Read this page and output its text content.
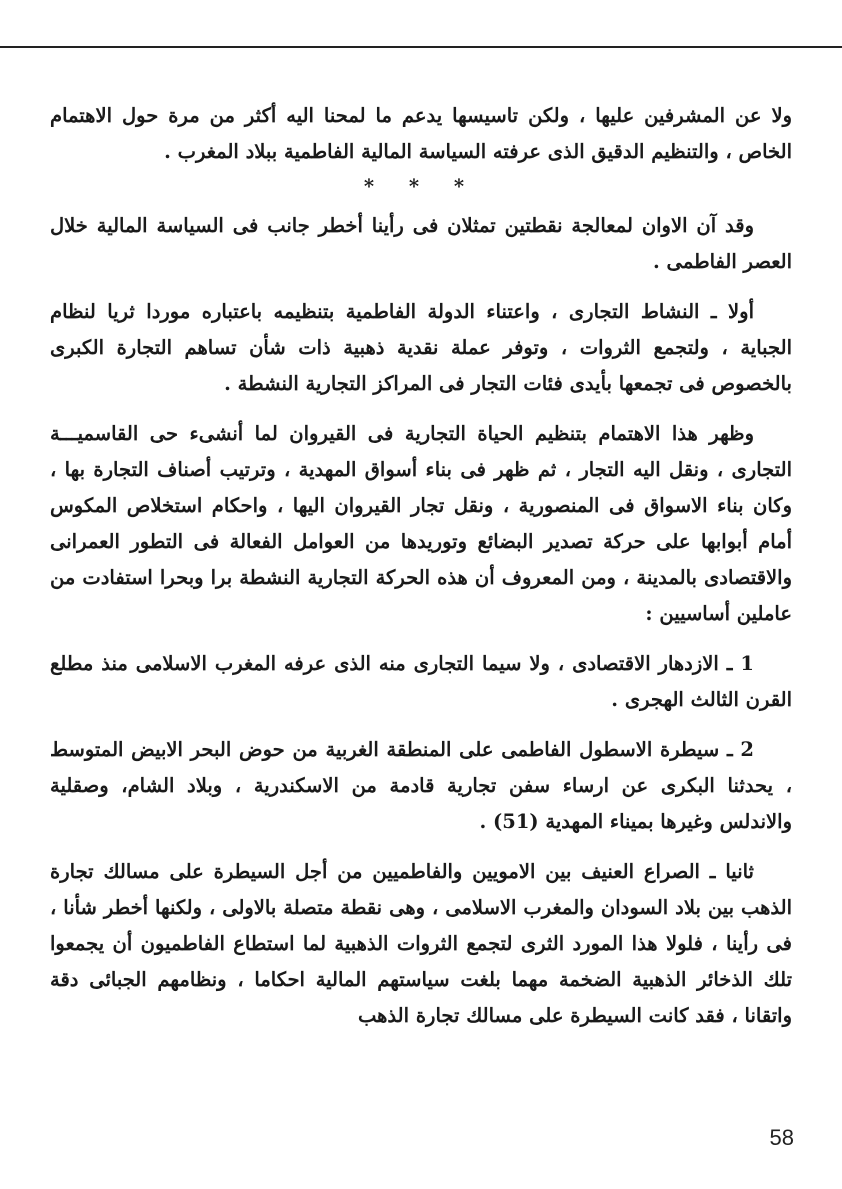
ولا عن المشرفين عليها ، ولكن تاسيسها يدعم ما لمحنا اليه أكثر من مرة حول الاهتمام الخاص ، والتنظيم الدقيق الذى عرفته السياسة المالية الفاطمية ببلاد المغرب .

* * *

وقد آن الاوان لمعالجة نقطتين تمثلان فى رأينا أخطر جانب فى السياسة المالية خلال العصر الفاطمى .

أولا ـ النشاط التجارى ، واعتناء الدولة الفاطمية بتنظيمه باعتباره موردا ثريا لنظام الجباية ، ولتجمع الثروات ، وتوفر عملة نقدية ذهبية ذات شأن تساهم التجارة الكبرى بالخصوص فى تجمعها بأيدى فئات التجار فى المراكز التجارية النشطة .

وظهر هذا الاهتمام بتنظيم الحياة التجارية فى القيروان لما أنشىء حى القاسميـــة التجارى ، ونقل اليه التجار ، ثم ظهر فى بناء أسواق المهدية ، وترتيب أصناف التجارة بها ، وكان بناء الاسواق فى المنصورية ، ونقل تجار القيروان اليها ، واحكام استخلاص المكوس أمام أبوابها على حركة تصدير البضائع وتوريدها من العوامل الفعالة فى التطور العمرانى والاقتصادى بالمدينة ، ومن المعروف أن هذه الحركة التجارية النشطة برا وبحرا استفادت من عاملين أساسيين :

1 ـ الازدهار الاقتصادى ، ولا سيما التجارى منه الذى عرفه المغرب الاسلامى منذ مطلع القرن الثالث الهجرى .

2 ـ سيطرة الاسطول الفاطمى على المنطقة الغربية من حوض البحر الابيض المتوسط ، يحدثنا البكرى عن ارساء سفن تجارية قادمة من الاسكندرية ، وبلاد الشام، وصقلية والاندلس وغيرها بميناء المهدية (51) .

ثانيا ـ الصراع العنيف بين الامويين والفاطميين من أجل السيطرة على مسالك تجارة الذهب بين بلاد السودان والمغرب الاسلامى ، وهى نقطة متصلة بالاولى ، ولكنها أخطر شأنا ، فى رأينا ، فلولا هذا المورد الثرى لتجمع الثروات الذهبية لما استطاع الفاطميون أن يجمعوا تلك الذخائر الذهبية الضخمة مهما بلغت سياستهم المالية احكاما ، ونظامهم الجبائى دقة واتقانا ، فقد كانت السيطرة على مسالك تجارة الذهب

58
